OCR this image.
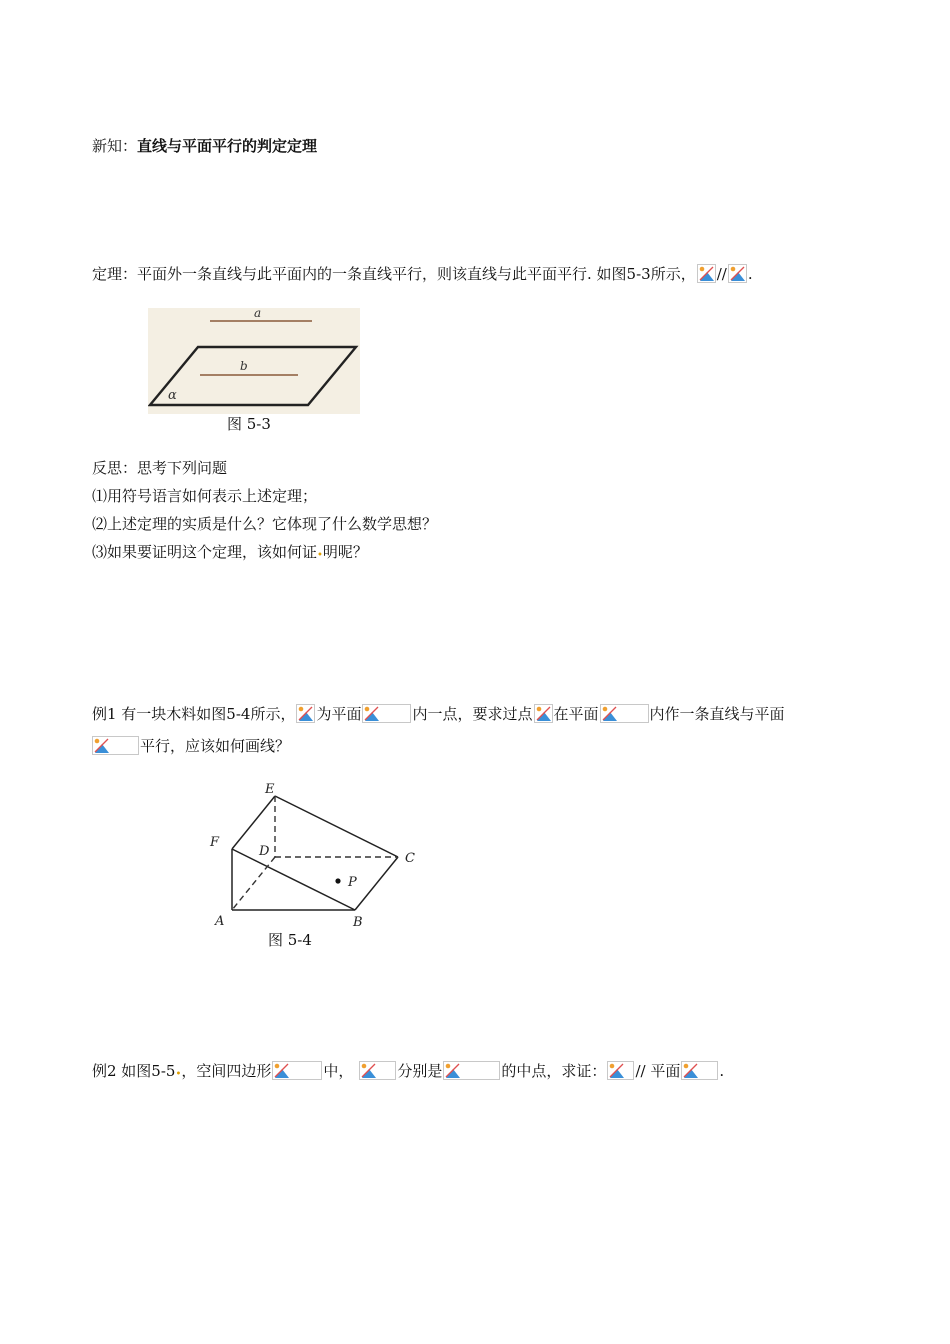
新知： 直线与平面平行的判定定理
定理：平面外一条直线与此平面内的一条直线平行，则该直线与此平面平行. 如图5-3所示， // .
a
b
α
图 5-3
反思：思考下列问题
⑴用符号语言如何表示上述定理；
⑵上述定理的实质是什么？它体现了什么数学思想？
⑶如果要证明这个定理，该如何证 • 明呢？
例1 有一块木料如图5-4所示， 为平面	内一点，要求过点 在平面	内作一条直线与平面
平行，应该如何画线？
E
F
D	C
P
A	B
图 5-4
例2 如图5-5 • ，空间四边形	中，	分别是	的中点，求证： // 平面	.
